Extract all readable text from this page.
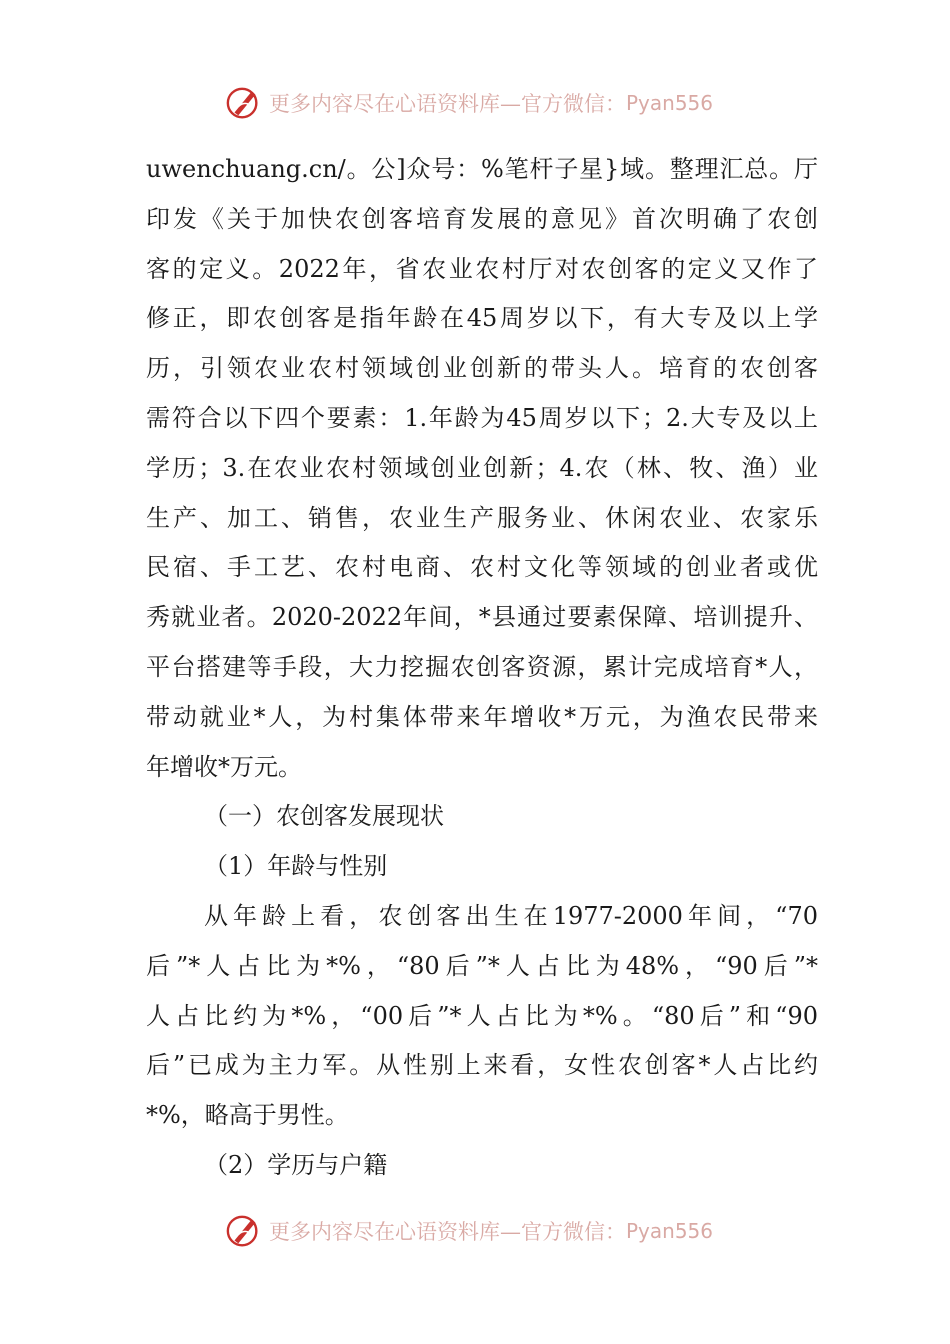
更多内容尽在心语资料库—官方微信： Pyan556
uwenchuang.cn/。公]众号：%笔杆子星}域。整理汇总。厅
印发《关于加快农创客培育发展的意见》首次明确了农创
客的定义。2022年，省农业农村厅对农创客的定义又作了
修正，即农创客是指年龄在45周岁以下，有大专及以上学
历，引领农业农村领域创业创新的带头人。培育的农创客
需符合以下四个要素：1.年龄为45周岁以下；2.大专及以上
学历；3.在农业农村领域创业创新；4.农（林、牧、渔）业
生产、加工、销售，农业生产服务业、休闲农业、农家乐
民宿、手工艺、农村电商、农村文化等领域的创业者或优
秀就业者。2020-2022年间，*县通过要素保障、培训提升、
平台搭建等手段，大力挖掘农创客资源，累计完成培育*人，
带动就业*人，为村集体带来年增收*万元，为渔农民带来
年增收*万元。
（一）农创客发展现状
（1）年龄与性别
从年龄上看，农创客出生在1977-2000年间，“70
后”*人占比为*%，“80后”*人占比为48%，“90后”*
人占比约为*%，“00后”*人占比为*%。“80后”和“90
后”已成为主力军。从性别上来看，女性农创客*人占比约
*%，略高于男性。
（2）学历与户籍
更多内容尽在心语资料库—官方微信： Pyan556
